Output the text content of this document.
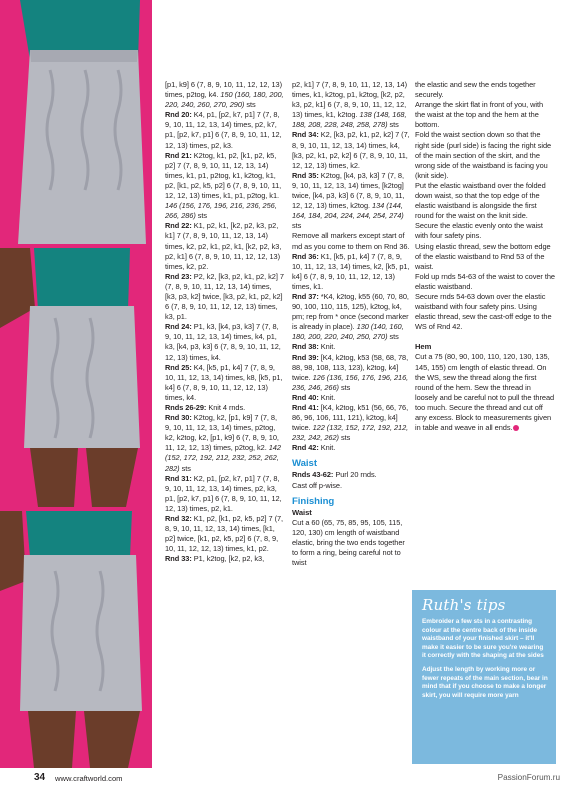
[p1, k9] 6 (7, 8, 9, 10, 11, 12, 12, 13) times, p2tog, k4. 150 (160, 180, 200, 220, 240, 260, 270, 290) sts

Rnd 20: K4, p1, [p2, k7, p1] 7 (7, 8, 9, 10, 11, 12, 13, 14) times, p2, k7, p1, [p2, k7, p1] 6 (7, 8, 9, 10, 11, 12, 12, 13) times, p2, k3.

Rnd 21: K2tog, k1, p2, [k1, p2, k5, p2] 7 (7, 8, 9, 10, 11, 12, 13, 14) times, k1, p1, p2tog, k1, k2tog, k1, p2, [k1, p2, k5, p2] 6 (7, 8, 9, 10, 11, 12, 12, 13) times, k1, p1, p2tog, k1. 146 (156, 176, 196, 216, 236, 256, 266, 286) sts

Rnd 22: K1, p2, k1, [k2, p2, k3, p2, k1] 7 (7, 8, 9, 10, 11, 12, 13, 14) times, k2, p2, k1, p2, k1, [k2, p2, k3, p2, k1] 6 (7, 8, 9, 10, 11, 12, 12, 13) times, k2, p2.

Rnd 23: P2, k2, [k3, p2, k1, p2, k2] 7 (7, 8, 9, 10, 11, 12, 13, 14) times, [k3, p3, k2] twice, [k3, p2, k1, p2, k2] 6 (7, 8, 9, 10, 11, 12, 12, 13) times, k3, p1.

Rnd 24: P1, k3, [k4, p3, k3] 7 (7, 8, 9, 10, 11, 12, 13, 14) times, k4, p1, k3, [k4, p3, k3] 6 (7, 8, 9, 10, 11, 12, 12, 13) times, k4.

Rnd 25: K4, [k5, p1, k4] 7 (7, 8, 9, 10, 11, 12, 13, 14) times, k8, [k5, p1, k4] 6 (7, 8, 9, 10, 11, 12, 12, 13) times, k4.

Rnds 26-29: Knit 4 rnds.

Rnd 30: K2tog, k2, [p1, k9] 7 (7, 8, 9, 10, 11, 12, 13, 14) times, p2tog, k2, k2tog, k2, [p1, k9] 6 (7, 8, 9, 10, 11, 12, 12, 13) times, p2tog, k2. 142 (152, 172, 192, 212, 232, 252, 262, 282) sts

Rnd 31: K2, p1, [p2, k7, p1] 7 (7, 8, 9, 10, 11, 12, 13, 14) times, p2, k3, p1, [p2, k7, p1] 6 (7, 8, 9, 10, 11, 12, 12, 13) times, p2, k1.

Rnd 32: K1, p2, [k1, p2, k5, p2] 7 (7, 8, 9, 10, 11, 12, 13, 14) times, [k1, p2] twice, [k1, p2, k5, p2] 6 (7, 8, 9, 10, 11, 12, 12, 13) times, k1, p2.

Rnd 33: P1, k2tog, [k2, p2, k3,

p2, k1] 7 (7, 8, 9, 10, 11, 12, 13, 14) times, k1, k2tog, p1, k2tog, [k2, p2, k3, p2, k1] 6 (7, 8, 9, 10, 11, 12, 12, 13) times, k1, k2tog. 138 (148, 168, 188, 208, 228, 248, 258, 278) sts

Rnd 34: K2, [k3, p2, k1, p2, k2] 7 (7, 8, 9, 10, 11, 12, 13, 14) times, k4, [k3, p2, k1, p2, k2] 6 (7, 8, 9, 10, 11, 12, 12, 13) times, k2.

Rnd 35: K2tog, [k4, p3, k3] 7 (7, 8, 9, 10, 11, 12, 13, 14) times, [k2tog] twice, [k4, p3, k3] 6 (7, 8, 9, 10, 11, 12, 12, 13) times, k2tog. 134 (144, 164, 184, 204, 224, 244, 254, 274) sts

Remove all markers except start of md as you come to them on Rnd 36.

Rnd 36: K1, [k5, p1, k4] 7 (7, 8, 9, 10, 11, 12, 13, 14) times, k2, [k5, p1, k4] 6 (7, 8, 9, 10, 11, 12, 12, 13) times, k1.

Rnd 37: *K4, k2tog, k55 (60, 70, 80, 90, 100, 110, 115, 125), k2tog, k4, pm; rep from * once (second marker is already in place). 130 (140, 160, 180, 200, 220, 240, 250, 270) sts

Rnd 38: Knit.

Rnd 39: [K4, k2tog, k53 (58, 68, 78, 88, 98, 108, 113, 123), k2tog, k4] twice. 126 (136, 156, 176, 196, 216, 236, 246, 266) sts

Rnd 40: Knit.

Rnd 41: [K4, k2tog, k51 (56, 66, 76, 86, 96, 106, 111, 121), k2tog, k4] twice. 122 (132, 152, 172, 192, 212, 232, 242, 262) sts

Rnd 42: Knit.

Waist

Rnds 43-62: Purl 20 rnds.

Cast off p-wise.

Finishing
Waist

Cut a 60 (65, 75, 85, 95, 105, 115, 120, 130) cm length of waistband elastic, bring the two ends together to form a ring, being careful not to twist

the elastic and sew the ends together securely.

Arrange the skirt flat in front of you, with the waist at the top and the hem at the bottom.

Fold the waist section down so that the right side (purl side) is facing the right side of the main section of the skirt, and the wrong side of the waistband is facing you (knit side).

Put the elastic waistband over the folded down waist, so that the top edge of the elastic waistband is alongside the first round for the waist on the knit side.

Secure the elastic evenly onto the waist with four safety pins.

Using elastic thread, sew the bottom edge of the elastic waistband to Rnd 53 of the waist.

Fold up rnds 54-63 of the waist to cover the elastic waistband.

Secure rnds 54-63 down over the elastic waistband with four safety pins. Using elastic thread, sew the cast-off edge to the WS of Rnd 42.

Hem

Cut a 75 (80, 90, 100, 110, 120, 130, 135, 145, 155) cm length of elastic thread. On the WS, sew the thread along the first round of the hem. Sew the thread in loosely and be careful not to pull the thread too much. Secure the thread and cut off any excess. Block to measurements given in table and weave in all ends.

Ruth's tips

Embroider a few sts in a contrasting colour at the centre back of the inside waistband of your finished skirt – it'll make it easier to be sure you're wearing it correctly with the shaping at the sides

Adjust the length by working more or fewer repeats of the main section, bear in mind that if you choose to make a longer skirt, you will require more yarn

34 www.craftworld.com	PassionForum.ru
